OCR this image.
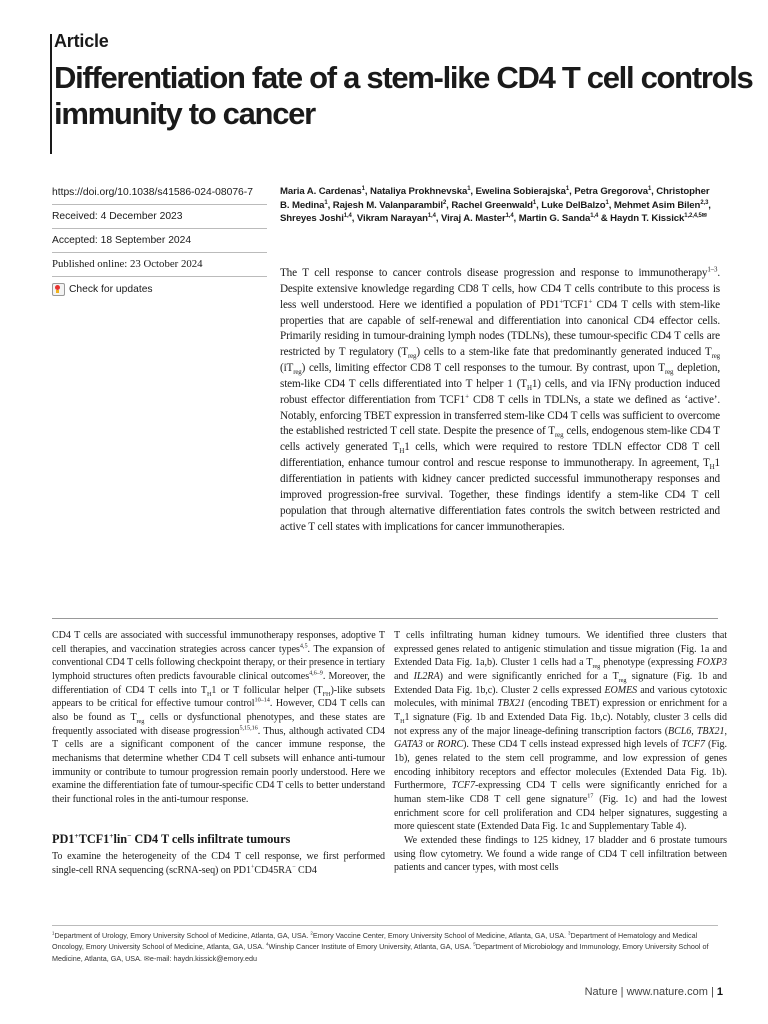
Article
Differentiation fate of a stem-like CD4 T cell controls immunity to cancer
https://doi.org/10.1038/s41586-024-08076-7
Received: 4 December 2023
Accepted: 18 September 2024
Published online: 23 October 2024
Check for updates
Maria A. Cardenas$^1$, Nataliya Prokhnevska$^1$, Ewelina Sobierajska$^1$, Petra Gregorova$^1$, Christopher B. Medina$^1$, Rajesh M. Valanparambil$^2$, Rachel Greenwald$^1$, Luke DelBalzo$^1$, Mehmet Asim Bilen$^{2,3}$, Shreyes Joshi$^{1,4}$, Vikram Narayan$^{1,4}$, Viraj A. Master$^{1,4}$, Martin G. Sanda$^{1,4}$ & Haydn T. Kissick$^{1,2,4,5✉}$
The T cell response to cancer controls disease progression and response to immunotherapy$^{1-3}$. Despite extensive knowledge regarding CD8 T cells, how CD4 T cells contribute to this process is less well understood. Here we identified a population of PD1+TCF1+ CD4 T cells with stem-like properties that are capable of self-renewal and differentiation into canonical CD4 effector cells. Primarily residing in tumour-draining lymph nodes (TDLNs), these tumour-specific CD4 T cells are restricted by T regulatory $(T_{reg})$ cells to a stem-like fate that predominantly generated induced $T_{reg}$ $(iT_{reg})$ cells, limiting effector CD8 T cell responses to the tumour. By contrast, upon $T_{reg}$ depletion, stem-like CD4 T cells differentiated into T helper 1 $(T_H1)$ cells, and via IFNγ production induced robust effector differentiation from TCF1+ CD8 T cells in TDLNs, a state we defined as ‘active’. Notably, enforcing TBET expression in transferred stem-like CD4 T cells was sufficient to overcome the established restricted T cell state. Despite the presence of $T_{reg}$ cells, endogenous stem-like CD4 T cells actively generated $T_H1$ cells, which were required to restore TDLN effector CD8 T cell differentiation, enhance tumour control and rescue response to immunotherapy. In agreement, $T_H1$ differentiation in patients with kidney cancer predicted successful immunotherapy responses and improved progression-free survival. Together, these findings identify a stem-like CD4 T cell population that through alternative differentiation fates controls the switch between restricted and active T cell states with implications for cancer immunotherapies.

CD4 T cells are associated with successful immunotherapy responses, adoptive T cell therapies, and vaccination strategies across cancer types$^{4,5}$. The expansion of conventional CD4 T cells following checkpoint therapy, or their presence in tertiary lymphoid structures often predicts favourable clinical outcomes$^{4,6-9}$. Moreover, the differentiation of CD4 T cells into $T_H1$ or T follicular helper $(T_{FH})$-like subsets appears to be critical for effective tumour control$^{10-14}$. However, CD4 T cells can also be found as $T_{reg}$ cells or dysfunctional phenotypes, and these states are frequently associated with disease progression$^{5,15,16}$. Thus, although activated CD4 T cells are a significant component of the cancer immune response, the mechanisms that determine whether CD4 T cell subsets will enhance anti-tumour immunity or contribute to tumour progression remain poorly understood. Here we examine the differentiation fate of tumour-specific CD4 T cells to better understand their functional roles in the anti-tumour response.

PD1+TCF1+lin− CD4 T cells infiltrate tumours

To examine the heterogeneity of the CD4 T cell response, we first performed single-cell RNA sequencing (scRNA-seq) on PD1+CD45RA− CD4

T cells infiltrating human kidney tumours. We identified three clusters that expressed genes related to antigenic stimulation and tissue migration (Fig. 1a and Extended Data Fig. 1a,b). Cluster 1 cells had a $T_{reg}$ phenotype (expressing FOXP3 and IL2RA) and were significantly enriched for a $T_{reg}$ signature (Fig. 1b and Extended Data Fig. 1b,c). Cluster 2 cells expressed EOMES and various cytotoxic molecules, with minimal TBX21 (encoding TBET) expression or enrichment for a $T_H1$ signature (Fig. 1b and Extended Data Fig. 1b,c). Notably, cluster 3 cells did not express any of the major lineage-defining transcription factors (BCL6, TBX21, GATA3 or RORC). These CD4 T cells instead expressed high levels of TCF7 (Fig. 1b), genes related to the stem cell programme, and low expression of genes encoding inhibitory receptors and effector molecules (Extended Data Fig. 1b). Furthermore, TCF7-expressing CD4 T cells were significantly enriched for a human stem-like CD8 T cell gene signature$^{17}$ (Fig. 1c) and had the lowest enrichment score for cell proliferation and CD4 helper signatures, suggesting a more quiescent state (Extended Data Fig. 1c and Supplementary Table 4).

We extended these findings to 125 kidney, 17 bladder and 6 prostate tumours using flow cytometry. We found a wide range of CD4 T cell infiltration between patients and cancer types, with most cells

$^1$Department of Urology, Emory University School of Medicine, Atlanta, GA, USA. $^2$Emory Vaccine Center, Emory University School of Medicine, Atlanta, GA, USA. $^3$Department of Hematology and Medical Oncology, Emory University School of Medicine, Atlanta, GA, USA. $^4$Winship Cancer Institute of Emory University, Atlanta, GA, USA. $^5$Department of Microbiology and Immunology, Emory University School of Medicine, Atlanta, GA, USA. ✉e-mail: haydn.kissick@emory.edu
Nature | www.nature.com | 1
